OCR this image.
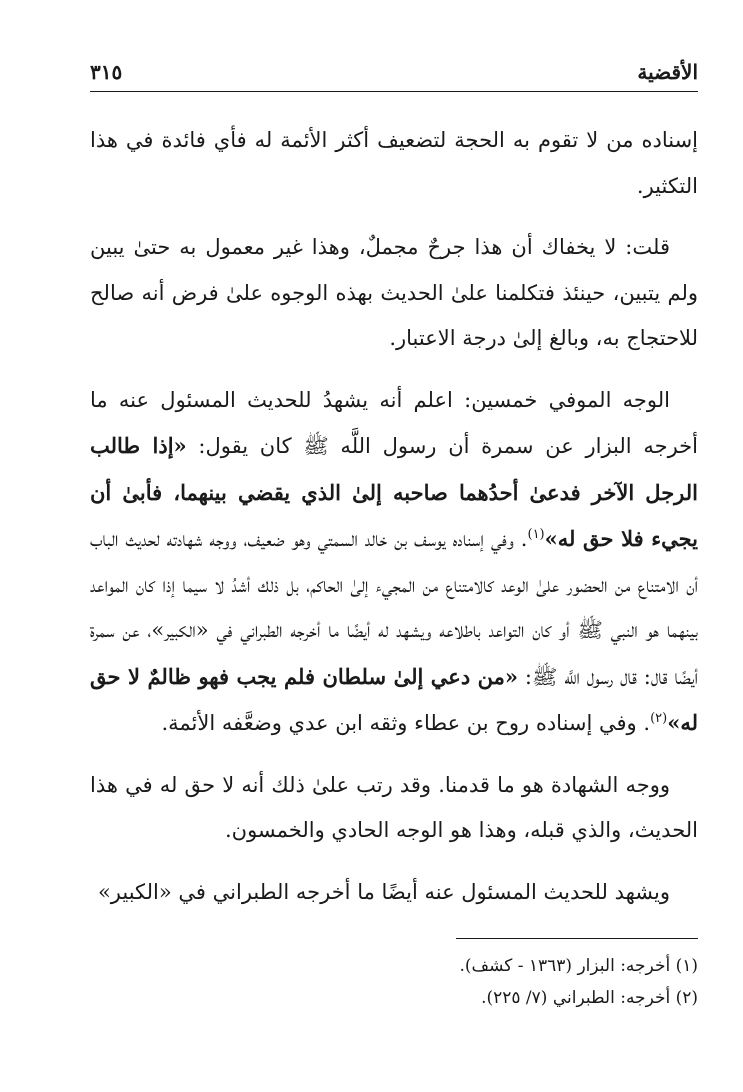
الأقضية
٣١٥

إسناده من لا تقوم به الحجة لتضعيف أكثر الأئمة له فأي فائدة في هذا التكثير.

قلت: لا يخفاك أن هذا جرحٌ مجملٌ، وهذا غير معمول به حتىٰ يبين ولم يتبين، حينئذ فتكلمنا علىٰ الحديث بهذه الوجوه علىٰ فرض أنه صالح للاحتجاج به، وبالغ إلىٰ درجة الاعتبار.

الوجه الموفي خمسين: اعلم أنه يشهدُ للحديث المسئول عنه ما أخرجه البزار عن سمرة أن رسول اللَّه ﷺ كان يقول: «إذا طالب الرجل الآخر فدعىٰ أحدُهما صاحبه إلىٰ الذي يقضي بينهما، فأبىٰ أن يجيء فلا حق له»$^{(١)}$. وفي إسناده يوسف بن خالد السمتي وهو ضعيف، ووجه شهادته لحديث الباب أن الامتناع من الحضور علىٰ الوعد كالامتناع من المجيء إلىٰ الحاكم، بل ذلك أشدُ لا سيما إذا كان المواعد بينهما هو النبي ﷺ أو كان التواعد باطلاعه ويشهد له أيضًا ما أخرجه الطبراني في «الكبير»، عن سمرة أيضًا قال: قال رسول اللَّه ﷺ: «من دعي إلىٰ سلطان فلم يجب فهو ظالمٌ لا حق له»$^{(٢)}$. وفي إسناده روح بن عطاء وثقه ابن عدي وضعَّفه الأئمة.

ووجه الشهادة هو ما قدمنا. وقد رتب علىٰ ذلك أنه لا حق له في هذا الحديث، والذي قبله، وهذا هو الوجه الحادي والخمسون.

ويشهد للحديث المسئول عنه أيضًا ما أخرجه الطبراني في «الكبير»

(١) أخرجه: البزار (١٣٦٣ - كشف).
(٢) أخرجه: الطبراني (٧/ ٢٢٥).
